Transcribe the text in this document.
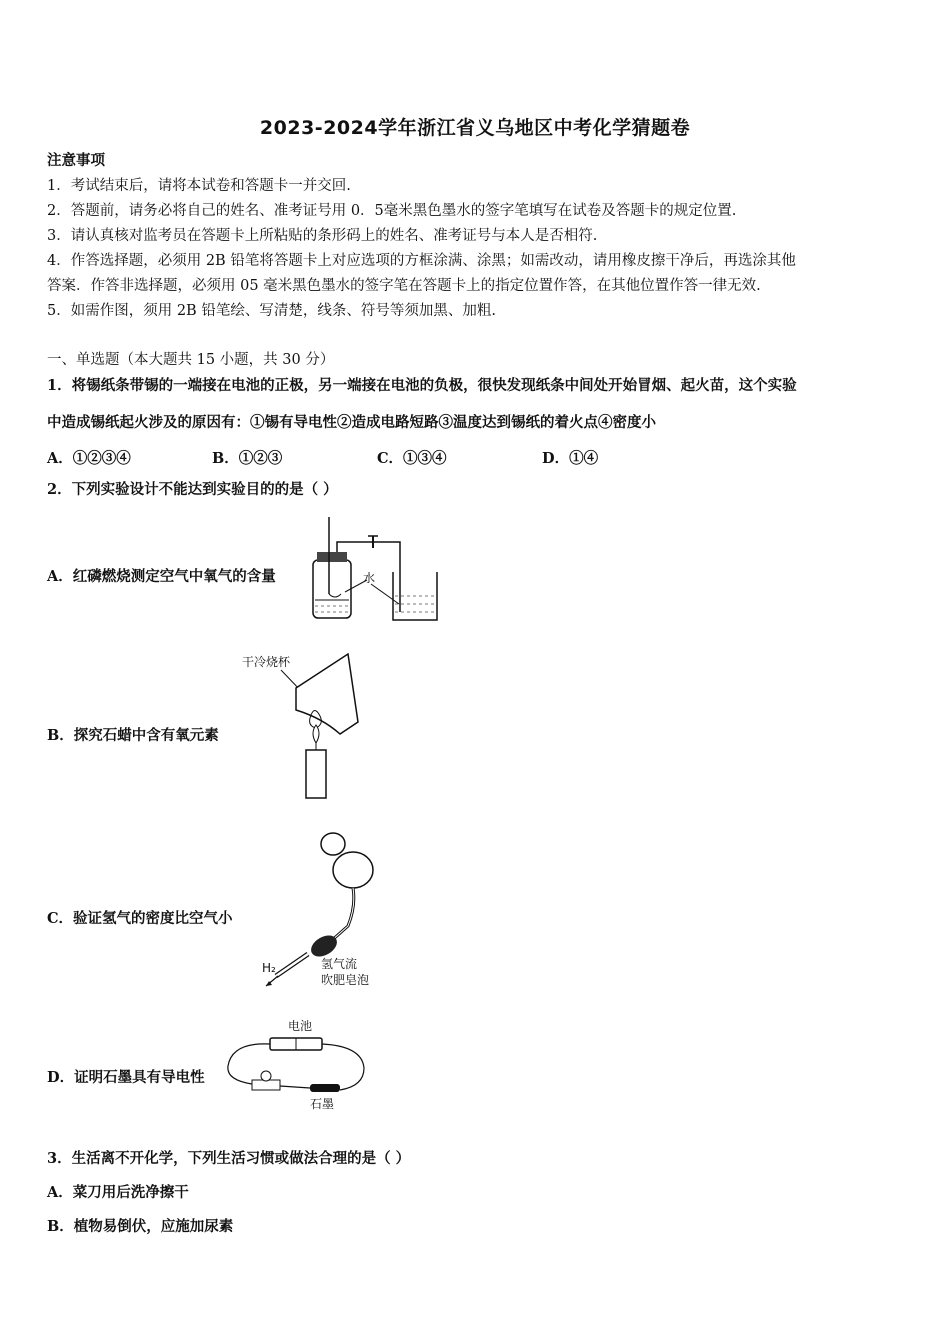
2023-2024学年浙江省义乌地区中考化学猜题卷
注意事项
1．考试结束后，请将本试卷和答题卡一并交回.
2．答题前，请务必将自己的姓名、准考证号用 0．5毫米黑色墨水的签字笔填写在试卷及答题卡的规定位置.
3．请认真核对监考员在答题卡上所粘贴的条形码上的姓名、准考证号与本人是否相符.
4．作答选择题，必须用 2B 铅笔将答题卡上对应选项的方框涂满、涂黑；如需改动，请用橡皮擦干净后，再选涂其他
答案．作答非选择题，必须用 05 毫米黑色墨水的签字笔在答题卡上的指定位置作答，在其他位置作答一律无效.
5．如需作图，须用 2B 铅笔绘、写清楚，线条、符号等须加黑、加粗.
一、单选题（本大题共 15 小题，共 30 分）
1．将锡纸条带锡的一端接在电池的正极，另一端接在电池的负极，很快发现纸条中间处开始冒烟、起火苗，这个实验
中造成锡纸起火涉及的原因有：①锡有导电性②造成电路短路③温度达到锡纸的着火点④密度小
A．①②③④	B．①②③	C．①③④	D．①④
2．下列实验设计不能达到实验目的的是（ ）
A．红磷燃烧测定空气中氧气的含量	水
B．探究石蜡中含有氧元素
干冷烧杯
C．验证氢气的密度比空气小
H₂	氢气流
吹肥皂泡
D．证明石墨具有导电性
电池
石墨
3．生活离不开化学，下列生活习惯或做法合理的是（ ）
A．菜刀用后洗净擦干
B．植物易倒伏，应施加尿素
